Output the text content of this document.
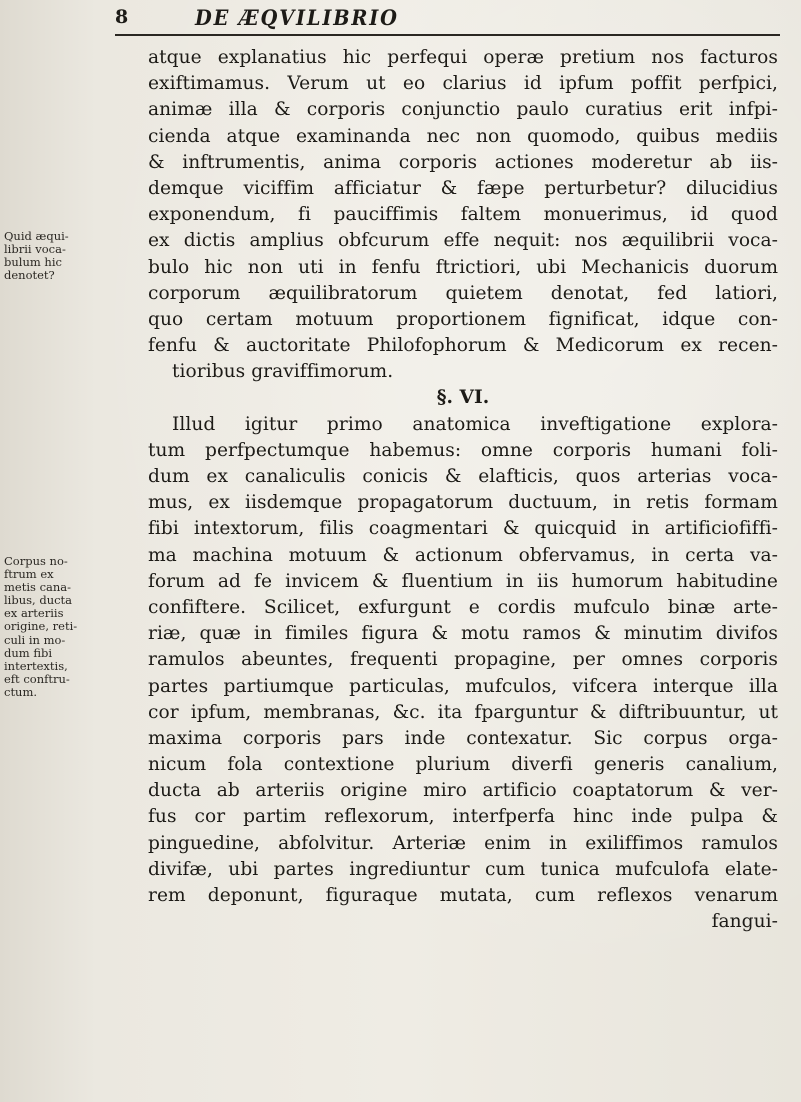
8	DE ÆQVILIBRIO
Quid æqui-
librii voca-
bulum hic
denotet?
Corpus no-
ftrum ex
metis cana-
libus, ducta
ex arteriis
origine, reti-
culi in mo-
dum fibi
intertextis,
eft conftru-
ctum.
atque explanatius hic perfequi operæ pretium nos facturos
exiftimamus. Verum ut eo clarius id ipfum poffit perfpici,
animæ illa & corporis conjunctio paulo curatius erit infpi-
cienda atque examinanda nec non quomodo, quibus mediis
& inftrumentis, anima corporis actiones moderetur ab iis-
demque viciffim afficiatur & fæpe perturbetur? dilucidius
exponendum, fi pauciffimis faltem monuerimus, id quod
ex dictis amplius obfcurum effe nequit: nos æquilibrii voca-
bulo hic non uti in fenfu ftrictiori, ubi Mechanicis duorum
corporum æquilibratorum quietem denotat, fed latiori,
quo certam motuum proportionem fignificat, idque con-
fenfu & auctoritate Philofophorum & Medicorum ex recen-
tioribus graviffimorum.
§. VI.
Illud igitur primo anatomica inveftigatione explora-
tum perfpectumque habemus: omne corporis humani foli-
dum ex canaliculis conicis & elafticis, quos arterias voca-
mus, ex iisdemque propagatorum ductuum, in retis formam
fibi intextorum, filis coagmentari & quicquid in artificiofiffi-
ma machina motuum & actionum obfervamus, in certa va-
forum ad fe invicem & fluentium in iis humorum habitudine
confiftere. Scilicet, exfurgunt e cordis mufculo binæ arte-
riæ, quæ in fimiles figura & motu ramos & minutim divifos
ramulos abeuntes, frequenti propagine, per omnes corporis
partes partiumque particulas, mufculos, vifcera interque illa
cor ipfum, membranas, &c. ita fparguntur & diftribuuntur, ut
maxima corporis pars inde contexatur. Sic corpus orga-
nicum fola contextione plurium diverfi generis canalium,
ducta ab arteriis origine miro artificio coaptatorum & ver-
fus cor partim reflexorum, interfperfa hinc inde pulpa &
pinguedine, abfolvitur. Arteriæ enim in exiliffimos ramulos
divifæ, ubi partes ingrediuntur cum tunica mufculofa elate-
rem deponunt, figuraque mutata, cum reflexos venarum
fangui-
